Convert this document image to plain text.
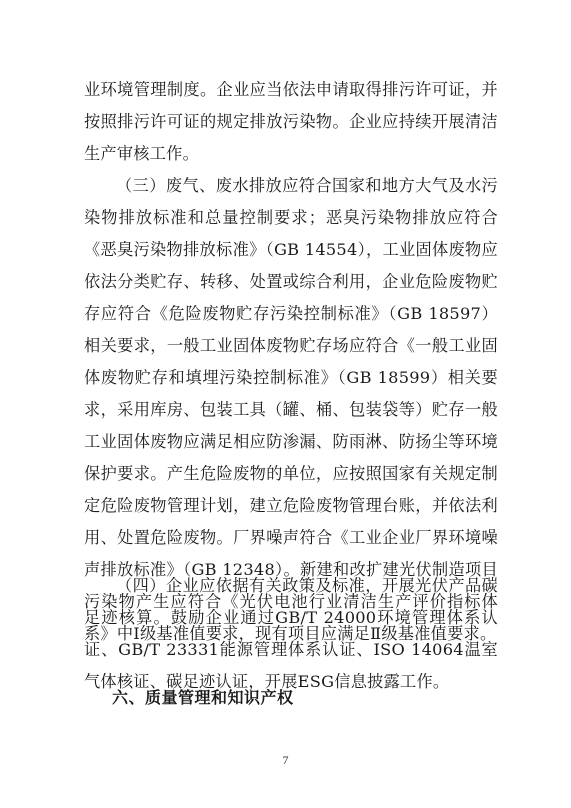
业环境管理制度。企业应当依法申请取得排污许可证，并按照排污许可证的规定排放污染物。企业应持续开展清洁生产审核工作。
（三）废气、废水排放应符合国家和地方大气及水污染物排放标准和总量控制要求；恶臭污染物排放应符合《恶臭污染物排放标准》（GB 14554），工业固体废物应依法分类贮存、转移、处置或综合利用，企业危险废物贮存应符合《危险废物贮存污染控制标准》（GB 18597）相关要求，一般工业固体废物贮存场应符合《一般工业固体废物贮存和填埋污染控制标准》（GB 18599）相关要求，采用库房、包装工具（罐、桶、包装袋等）贮存一般工业固体废物应满足相应防渗漏、防雨淋、防扬尘等环境保护要求。产生危险废物的单位，应按照国家有关规定制定危险废物管理计划，建立危险废物管理台账，并依法利用、处置危险废物。厂界噪声符合《工业企业厂界环境噪声排放标准》（GB 12348）。新建和改扩建光伏制造项目污染物产生应符合《光伏电池行业清洁生产评价指标体系》中Ⅰ级基准值要求，现有项目应满足Ⅱ级基准值要求。
（四）企业应依据有关政策及标准，开展光伏产品碳足迹核算。鼓励企业通过GB/T 24000环境管理体系认证、GB/T 23331能源管理体系认证、ISO 14064温室气体核证、碳足迹认证，开展ESG信息披露工作。
六、质量管理和知识产权
7
